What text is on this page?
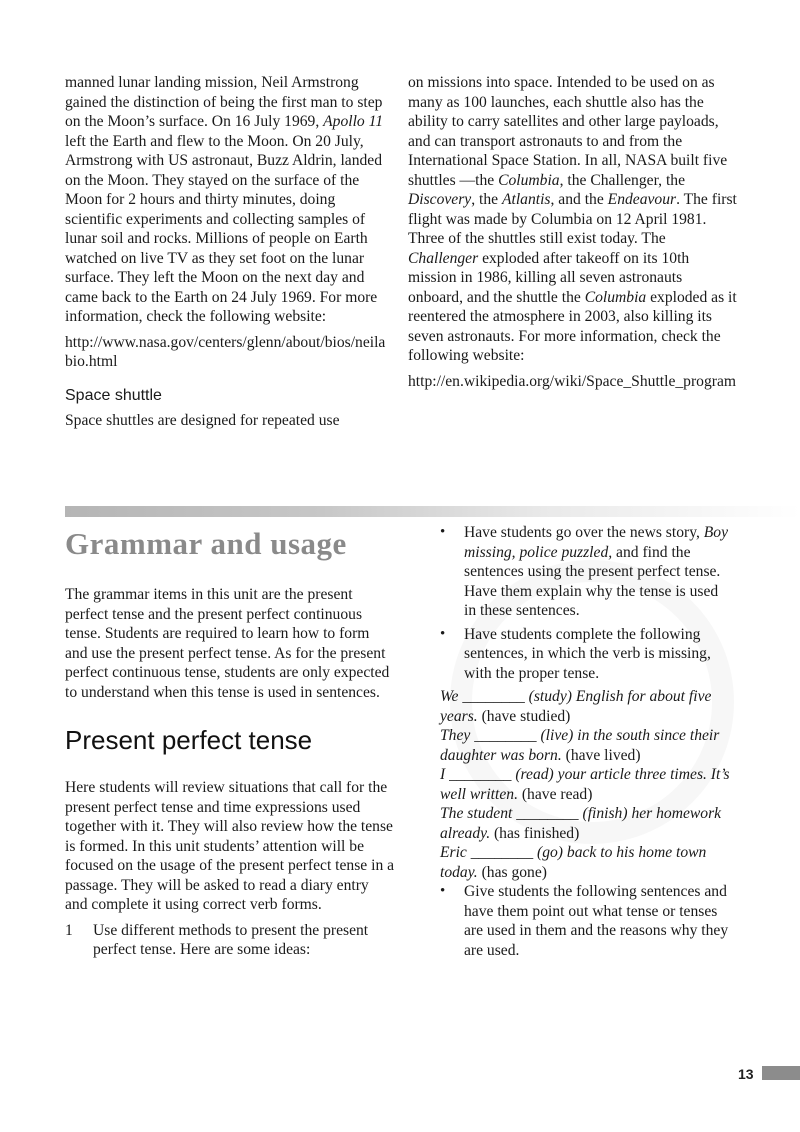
manned lunar landing mission, Neil Armstrong gained the distinction of being the first man to step on the Moon’s surface. On 16 July 1969, Apollo 11 left the Earth and flew to the Moon. On 20 July, Armstrong with US astronaut, Buzz Aldrin, landed on the Moon. They stayed on the surface of the Moon for 2 hours and thirty minutes, doing scientific experiments and collecting samples of lunar soil and rocks. Millions of people on Earth watched on live TV as they set foot on the lunar surface. They left the Moon on the next day and came back to the Earth on 24 July 1969. For more information, check the following website:

http://www.nasa.gov/centers/glenn/about/bios/neilabio.html

Space shuttle

Space shuttles are designed for repeated use

on missions into space. Intended to be used on as many as 100 launches, each shuttle also has the ability to carry satellites and other large payloads, and can transport astronauts to and from the International Space Station. In all, NASA built five shuttles —the Columbia, the Challenger, the Discovery, the Atlantis, and the Endeavour. The first flight was made by Columbia on 12 April 1981. Three of the shuttles still exist today. The Challenger exploded after takeoff on its 10th mission in 1986, killing all seven astronauts onboard, and the shuttle the Columbia exploded as it reentered the atmosphere in 2003, also killing its seven astronauts. For more information, check the following website:

http://en.wikipedia.org/wiki/Space_Shuttle_program

Grammar and usage

The grammar items in this unit are the present perfect tense and the present perfect continuous tense. Students are required to learn how to form and use the present perfect tense. As for the present perfect continuous tense, students are only expected to understand when this tense is used in sentences.

Present perfect tense

Here students will review situations that call for the present perfect tense and time expressions used together with it. They will also review how the tense is formed. In this unit students’ attention will be focused on the usage of the present perfect tense in a passage. They will be asked to read a diary entry and complete it using correct verb forms.

1	Use different methods to present the present perfect tense. Here are some ideas:

•	Have students go over the news story, Boy missing, police puzzled, and find the sentences using the present perfect tense. Have them explain why the tense is used in these sentences.
•	Have students complete the following sentences, in which the verb is missing, with the proper tense.

We ________ (study) English for about five years. (have studied)

They ________ (live) in the south since their daughter was born. (have lived)

I ________ (read) your article three times. It’s well written. (have read)

The student ________ (finish) her homework already. (has finished)

Eric ________ (go) back to his home town today. (has gone)

•	Give students the following sentences and have them point out what tense or tenses are used in them and the reasons why they are used.
13
